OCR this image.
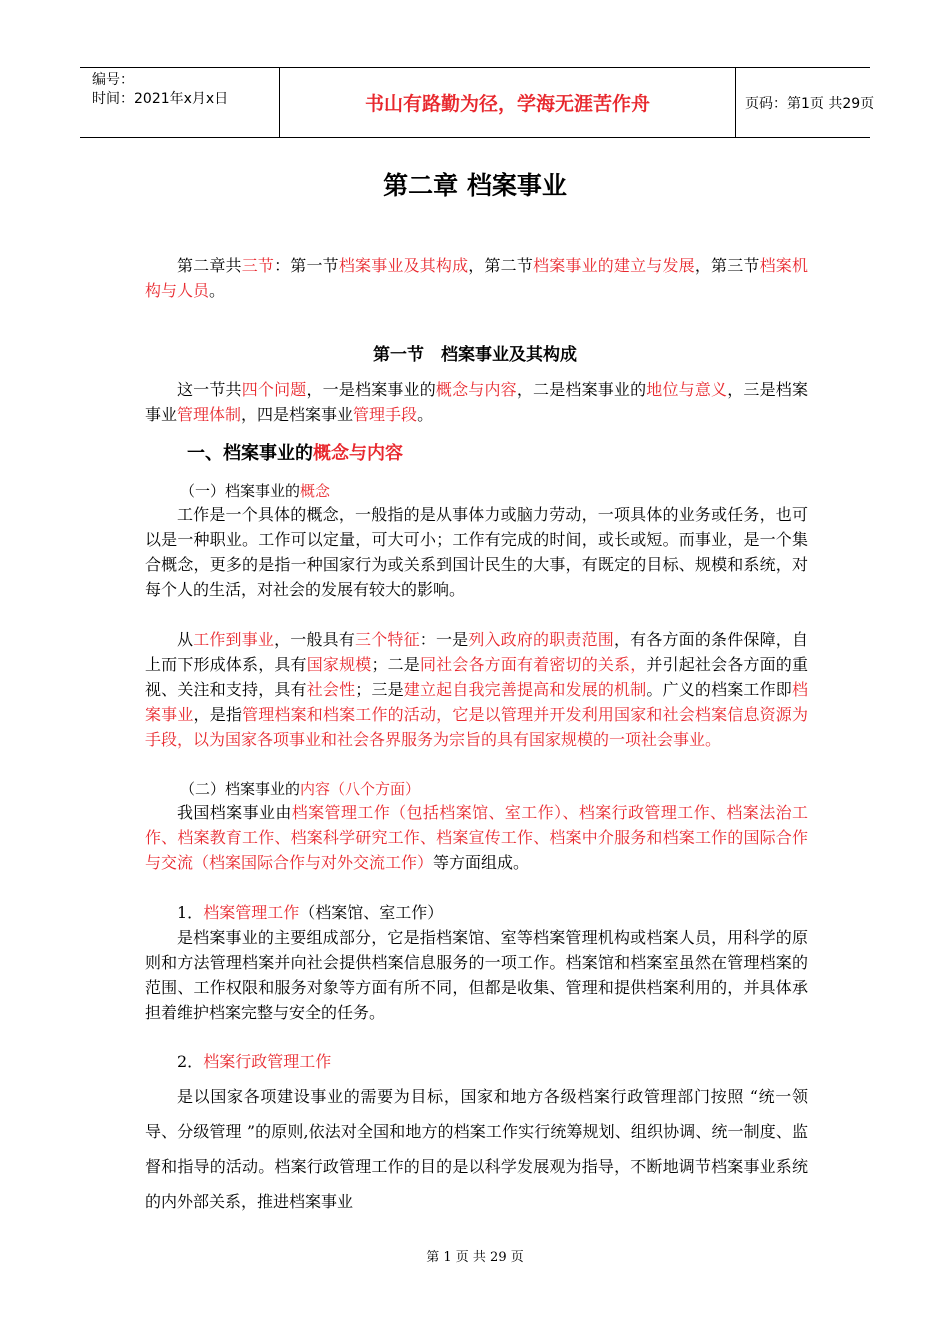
编号：
时间：2021年x月x日	书山有路勤为径，学海无涯苦作舟	页码：第1页 共29页
第二章 档案事业

第二章共三节：第一节档案事业及其构成，第二节档案事业的建立与发展，第三节档案机构与人员。

第一节　档案事业及其构成

这一节共四个问题，一是档案事业的概念与内容，二是档案事业的地位与意义，三是档案事业管理体制，四是档案事业管理手段。

一、档案事业的概念与内容
（一）档案事业的概念

工作是一个具体的概念，一般指的是从事体力或脑力劳动，一项具体的业务或任务，也可以是一种职业。工作可以定量，可大可小；工作有完成的时间，或长或短。而事业，是一个集合概念，更多的是指一种国家行为或关系到国计民生的大事，有既定的目标、规模和系统，对每个人的生活，对社会的发展有较大的影响。

从工作到事业，一般具有三个特征：一是列入政府的职责范围，有各方面的条件保障，自上而下形成体系，具有国家规模；二是同社会各方面有着密切的关系，并引起社会各方面的重视、关注和支持，具有社会性；三是建立起自我完善提高和发展的机制。广义的档案工作即档案事业，是指管理档案和档案工作的活动，它是以管理并开发利用国家和社会档案信息资源为手段，以为国家各项事业和社会各界服务为宗旨的具有国家规模的一项社会事业。

（二）档案事业的内容（八个方面）

我国档案事业由档案管理工作（包括档案馆、室工作）、档案行政管理工作、档案法治工作、档案教育工作、档案科学研究工作、档案宣传工作、档案中介服务和档案工作的国际合作与交流（档案国际合作与对外交流工作）等方面组成。

1．档案管理工作（档案馆、室工作）

是档案事业的主要组成部分，它是指档案馆、室等档案管理机构或档案人员，用科学的原则和方法管理档案并向社会提供档案信息服务的一项工作。档案馆和档案室虽然在管理档案的范围、工作权限和服务对象等方面有所不同，但都是收集、管理和提供档案利用的，并具体承担着维护档案完整与安全的任务。

2．档案行政管理工作

是以国家各项建设事业的需要为目标，国家和地方各级档案行政管理部门按照 “统一领导、分级管理 ”的原则,依法对全国和地方的档案工作实行统筹规划、组织协调、统一制度、监督和指导的活动。档案行政管理工作的目的是以科学发展观为指导，不断地调节档案事业系统的内外部关系，推进档案事业

第 1 页 共 29 页
